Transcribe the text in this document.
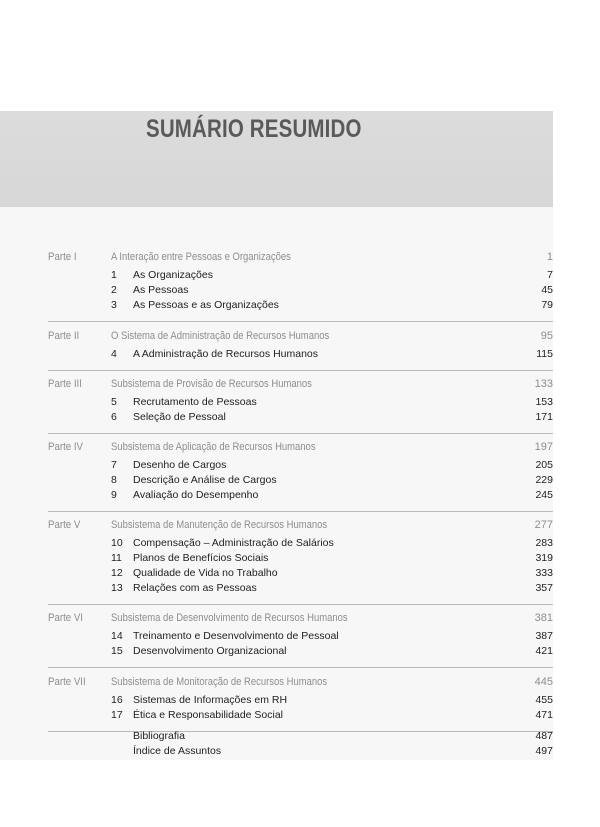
SUMÁRIO RESUMIDO
Parte I	A Interação entre Pessoas e Organizações	1
1	As Organizações	7
2	As Pessoas	45
3	As Pessoas e as Organizações	79
Parte II	O Sistema de Administração de Recursos Humanos	95
4	A Administração de Recursos Humanos	115
Parte III	Subsistema de Provisão de Recursos Humanos	133
5	Recrutamento de Pessoas	153
6	Seleção de Pessoal	171
Parte IV	Subsistema de Aplicação de Recursos Humanos	197
7	Desenho de Cargos	205
8	Descrição e Análise de Cargos	229
9	Avaliação do Desempenho	245
Parte V	Subsistema de Manutenção de Recursos Humanos	277
10 Compensação – Administração de Salários	283
11	Planos de Benefícios Sociais	319
12 Qualidade de Vida no Trabalho	333
13 Relações com as Pessoas	357
Parte VI	Subsistema de Desenvolvimento de Recursos Humanos	381
14 Treinamento e Desenvolvimento de Pessoal	387
15 Desenvolvimento Organizacional	421
Parte VII Subsistema de Monitoração de Recursos Humanos	445
16 Sistemas de Informações em RH	455
17 Ética e Responsabilidade Social	471
Bibliografia	487
Índice de Assuntos	497
